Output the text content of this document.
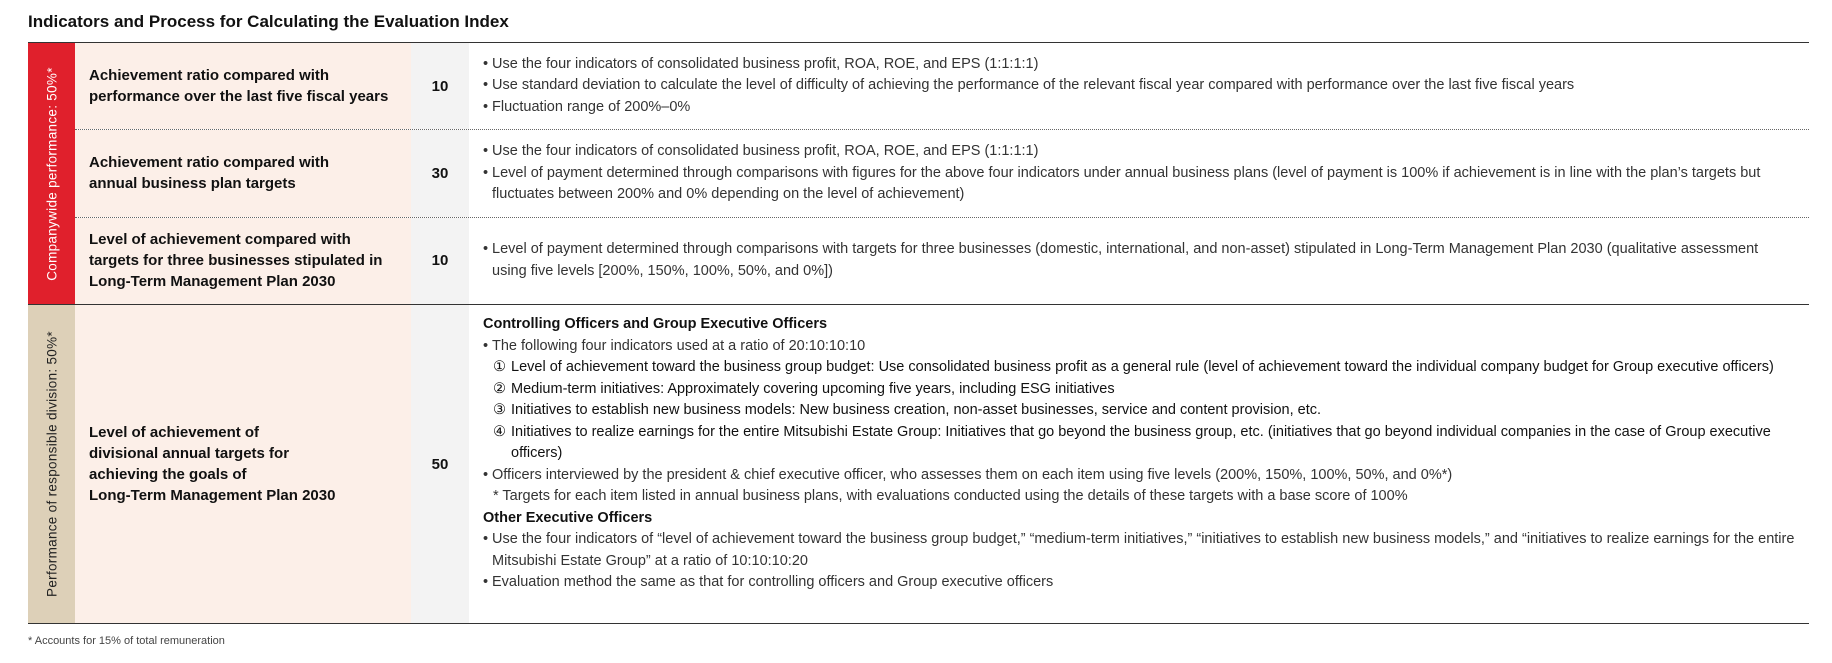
Indicators and Process for Calculating the Evaluation Index
Companywide performance: 50%* Achievement ratio compared with
performance over the last five fiscal years
10
• Use the four indicators of consolidated business profit, ROA, ROE, and EPS (1:1:1:1)
• Use standard deviation to calculate the level of difficulty of achieving the performance of the relevant fiscal year compared with performance over the last five fiscal years
• Fluctuation range of 200%–0%
Achievement ratio compared with
annual business plan targets
30
• Use the four indicators of consolidated business profit, ROA, ROE, and EPS (1:1:1:1)
• Level of payment determined through comparisons with figures for the above four indicators under annual business plans (level of payment is 100% if achievement is in line with the plan’s targets but fluctuates between 200% and 0% depending on the level of achievement)
Level of achievement compared with
targets for three businesses stipulated in
Long-Term Management Plan 2030
10
• Level of payment determined through comparisons with targets for three businesses (domestic, international, and non-asset) stipulated in Long-Term Management Plan 2030 (qualitative assessment using five levels [200%, 150%, 100%, 50%, and 0%])
Performance of responsible division: 50%* Level of achievement of
divisional annual targets for
achieving the goals of
Long-Term Management Plan 2030
50
Controlling Officers and Group Executive Officers
• The following four indicators used at a ratio of 20:10:10:10
① Level of achievement toward the business group budget: Use consolidated business profit as a general rule (level of achievement toward the individual company budget for Group executive officers)
② Medium-term initiatives: Approximately covering upcoming five years, including ESG initiatives
③ Initiatives to establish new business models: New business creation, non-asset businesses, service and content provision, etc.
④ Initiatives to realize earnings for the entire Mitsubishi Estate Group: Initiatives that go beyond the business group, etc. (initiatives that go beyond individual companies in the case of Group executive officers)
• Officers interviewed by the president & chief executive officer, who assesses them on each item using five levels (200%, 150%, 100%, 50%, and 0%*)
* Targets for each item listed in annual business plans, with evaluations conducted using the details of these targets with a base score of 100%
Other Executive Officers
• Use the four indicators of “level of achievement toward the business group budget,” “medium-term initiatives,” “initiatives to establish new business models,” and “initiatives to realize earnings for the entire Mitsubishi Estate Group” at a ratio of 10:10:10:20
• Evaluation method the same as that for controlling officers and Group executive officers
* Accounts for 15% of total remuneration
